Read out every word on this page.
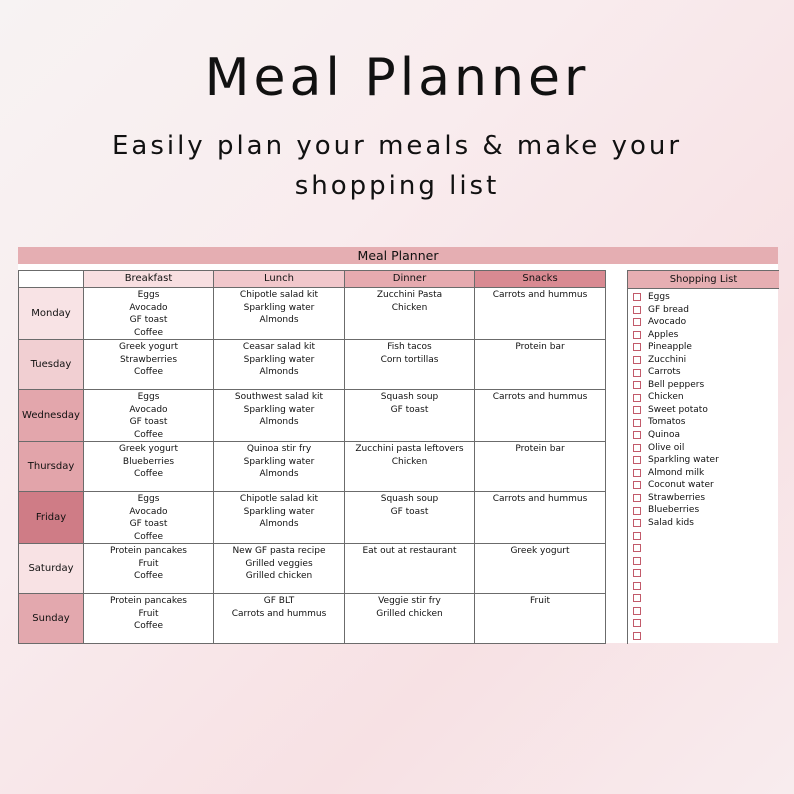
Meal Planner
Easily plan your meals & make your
shopping list
Meal Planner
	Breakfast	Lunch	Dinner	Snacks
Monday	Eggs
Avocado
GF toast
Coffee	Chipotle salad kit
Sparkling water
Almonds	Zucchini Pasta
Chicken	Carrots and hummus

Tuesday	Greek yogurt
Strawberries
Coffee	Ceasar salad kit
Sparkling water
Almonds	Fish tacos
Corn tortillas	Protein bar

Wednesday	Eggs
Avocado
GF toast
Coffee	Southwest salad kit
Sparkling water
Almonds	Squash soup
GF toast	Carrots and hummus

Thursday	Greek yogurt
Blueberries
Coffee	Quinoa stir fry
Sparkling water
Almonds	Zucchini pasta leftovers
Chicken	Protein bar

Friday	Eggs
Avocado
GF toast
Coffee	Chipotle salad kit
Sparkling water
Almonds	Squash soup
GF toast	Carrots and hummus

Saturday	Protein pancakes
Fruit
Coffee	New GF pasta recipe
Grilled veggies
Grilled chicken	Eat out at restaurant	Greek yogurt

Sunday	Protein pancakes
Fruit
Coffee	GF BLT
Carrots and hummus	Veggie stir fry
Grilled chicken	Fruit
Shopping List
Eggs
GF bread
Avocado
Apples
Pineapple
Zucchini
Carrots
Bell peppers
Chicken
Sweet potato
Tomatos
Quinoa
Olive oil
Sparkling water
Almond milk
Coconut water
Strawberries
Blueberries
Salad kids
